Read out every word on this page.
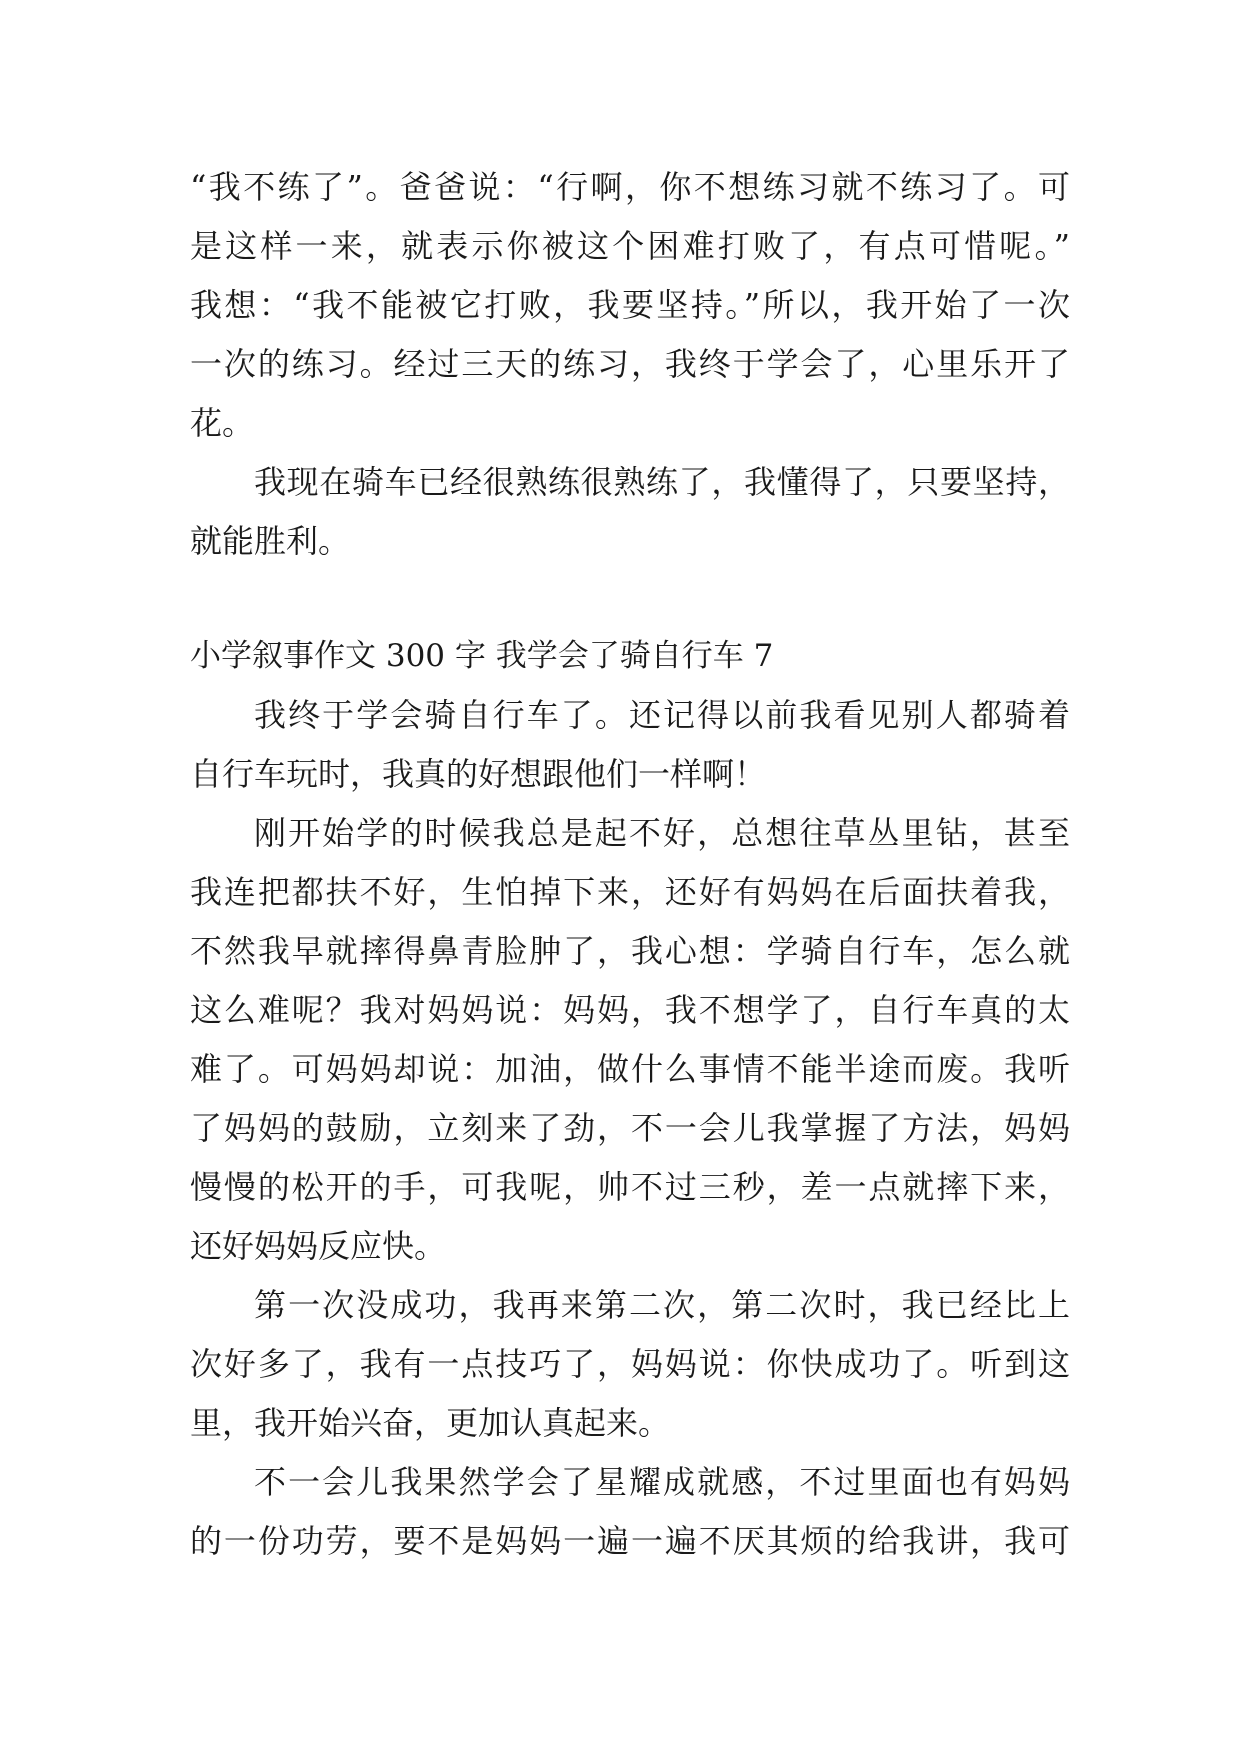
“我不练了”。爸爸说：“行啊，你不想练习就不练习了。可
是这样一来，就表示你被这个困难打败了，有点可惜呢。”
我想：“我不能被它打败，我要坚持。”所以，我开始了一次
一次的练习。经过三天的练习，我终于学会了，心里乐开了
花。
我现在骑车已经很熟练很熟练了，我懂得了，只要坚持，
就能胜利。
小学叙事作文 300 字 我学会了骑自行车 7
我终于学会骑自行车了。还记得以前我看见别人都骑着
自行车玩时，我真的好想跟他们一样啊！
刚开始学的时候我总是起不好，总想往草丛里钻，甚至
我连把都扶不好，生怕掉下来，还好有妈妈在后面扶着我，
不然我早就摔得鼻青脸肿了，我心想：学骑自行车，怎么就
这么难呢？我对妈妈说：妈妈，我不想学了，自行车真的太
难了。可妈妈却说：加油，做什么事情不能半途而废。我听
了妈妈的鼓励，立刻来了劲，不一会儿我掌握了方法，妈妈
慢慢的松开的手，可我呢，帅不过三秒，差一点就摔下来，
还好妈妈反应快。
第一次没成功，我再来第二次，第二次时，我已经比上
次好多了，我有一点技巧了，妈妈说：你快成功了。听到这
里，我开始兴奋，更加认真起来。
不一会儿我果然学会了星耀成就感，不过里面也有妈妈
的一份功劳，要不是妈妈一遍一遍不厌其烦的给我讲，我可
